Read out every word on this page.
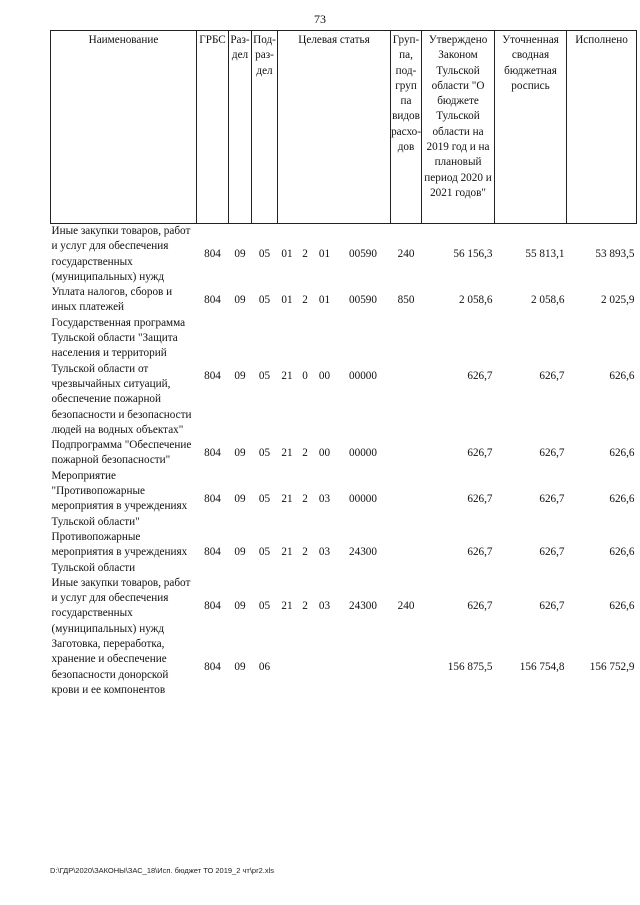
73
Наименование	ГРБС	Раз-дел	Под-раз-дел	Целевая статья				Груп-па, под-груп па видов расхо-дов	Утверждено Законом Тульской области "О бюджете Тульской области на 2019 год и на плановый период 2020 и 2021 годов"	Уточненная сводная бюджетная роспись	Исполнено
Иные закупки товаров, работ и услуг для обеспечения государственных (муниципальных) нужд	804	09	05	01	2	01	00590	240	56 156,3	55 813,1	53 893,5
Уплата налогов, сборов и иных платежей	804	09	05	01	2	01	00590	850	2 058,6	2 058,6	2 025,9
Государственная программа Тульской области "Защита населения и территорий Тульской области от чрезвычайных ситуаций, обеспечение пожарной безопасности и безопасности людей на водных объектах"	804	09	05	21	0	00	00000		626,7	626,7	626,6
Подпрограмма "Обеспечение пожарной безопасности"	804	09	05	21	2	00	00000		626,7	626,7	626,6
Мероприятие "Противопожарные мероприятия в учреждениях Тульской области"	804	09	05	21	2	03	00000		626,7	626,7	626,6
Противопожарные мероприятия в учреждениях Тульской области	804	09	05	21	2	03	24300		626,7	626,7	626,6
Иные закупки товаров, работ и услуг для обеспечения государственных (муниципальных) нужд	804	09	05	21	2	03	24300	240	626,7	626,7	626,6
Заготовка, переработка, хранение и обеспечение безопасности донорской крови и ее компонентов	804	09	06						156 875,5	156 754,8	156 752,9
D:\ГДР\2020\ЗАКОНЫ\ЗАС_18\Исп. бюджет ТО 2019_2 чт\pr2.xls
